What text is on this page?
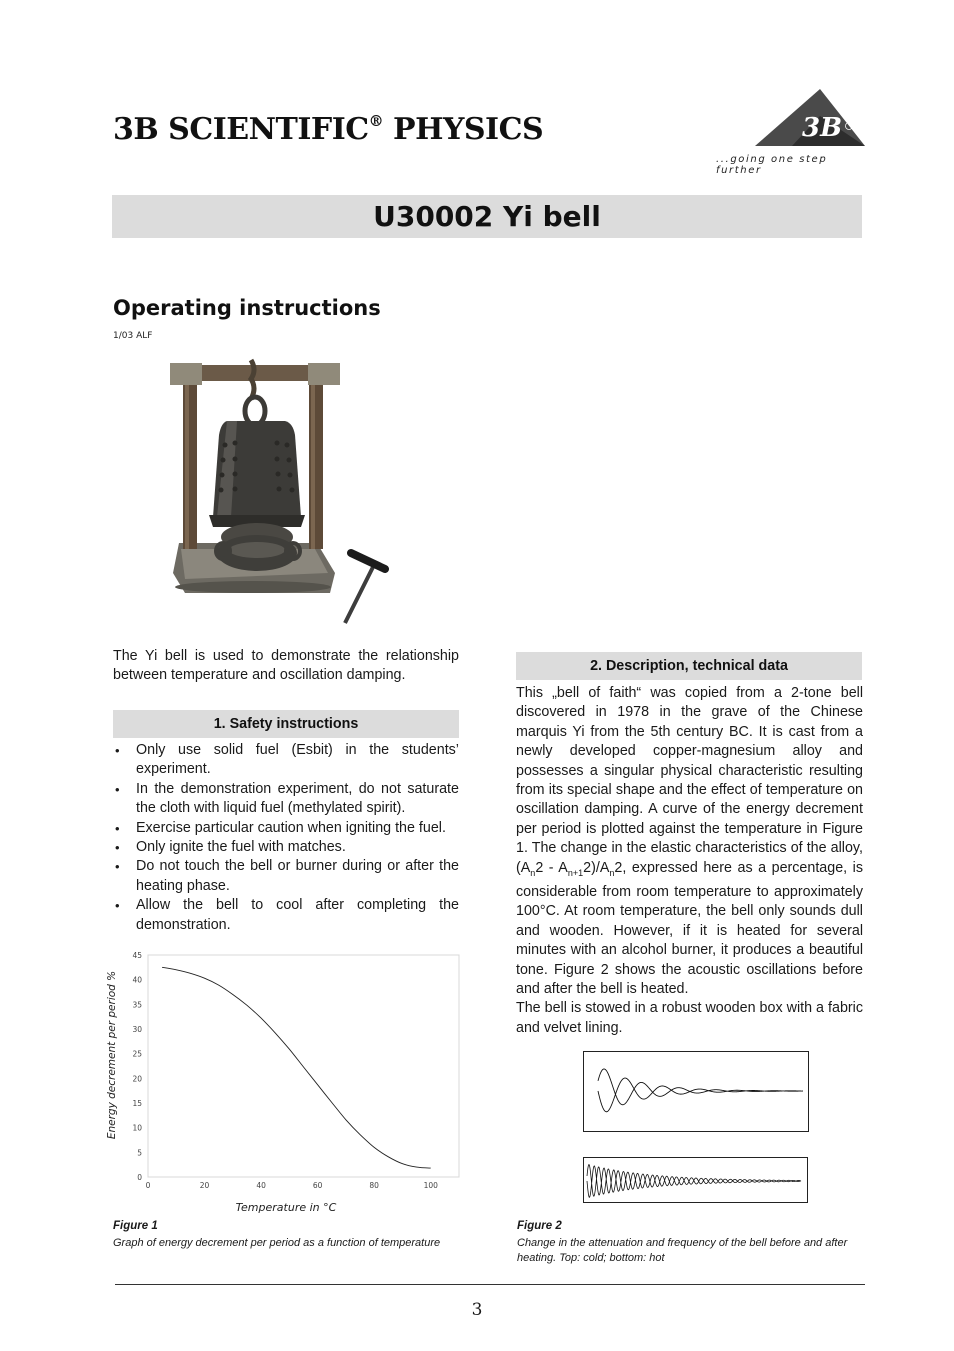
3B SCIENTIFIC® PHYSICS	3B
...going one step further
U30002 Yi bell
Operating instructions
1/03 ALF
The Yi bell is used to demonstrate the relationship between temperature and oscillation damping.
1. Safety instructions
• Only use solid fuel (Esbit) in the students’ experiment.
• In the demonstration experiment, do not saturate the cloth with liquid fuel (methylated spirit).
• Exercise particular caution when igniting the fuel.
• Only ignite the fuel with matches.
• Do not touch the bell or burner during or after the heating phase.
• Allow the bell to cool after completing the demonstration.
0
5
10
15
20
25
30
35
40
45
0	20	40	60	80	100
Temperature in °C
Energy decrement per period %
Figure 1
Graph of energy decrement per period as a function of temperature
2. Description, technical data
This „bell of faith“ was copied from a 2-tone bell discovered in 1978 in the grave of the Chinese marquis Yi from the 5th century BC. It is cast from a newly developed copper-magnesium alloy and possesses a singular physical characteristic resulting from its special shape and the effect of temperature on oscillation damping. A curve of the energy decrement per period is plotted against the temperature in Figure 1. The change in the elastic characteristics of the alloy, $(A_n2 - A_{n+1}2)/A_n2$, expressed here as a percentage, is considerable from room temperature to approximately 100°C. At room temperature, the bell only sounds dull and wooden. However, if it is heated for several minutes with an alcohol burner, it produces a beautiful tone. Figure 2 shows the acoustic oscillations before and after the bell is heated.
The bell is stowed in a robust wooden box with a fabric and velvet lining.
Figure 2
Change in the attenuation and frequency of the bell before and after heating. Top: cold; bottom: hot
3
